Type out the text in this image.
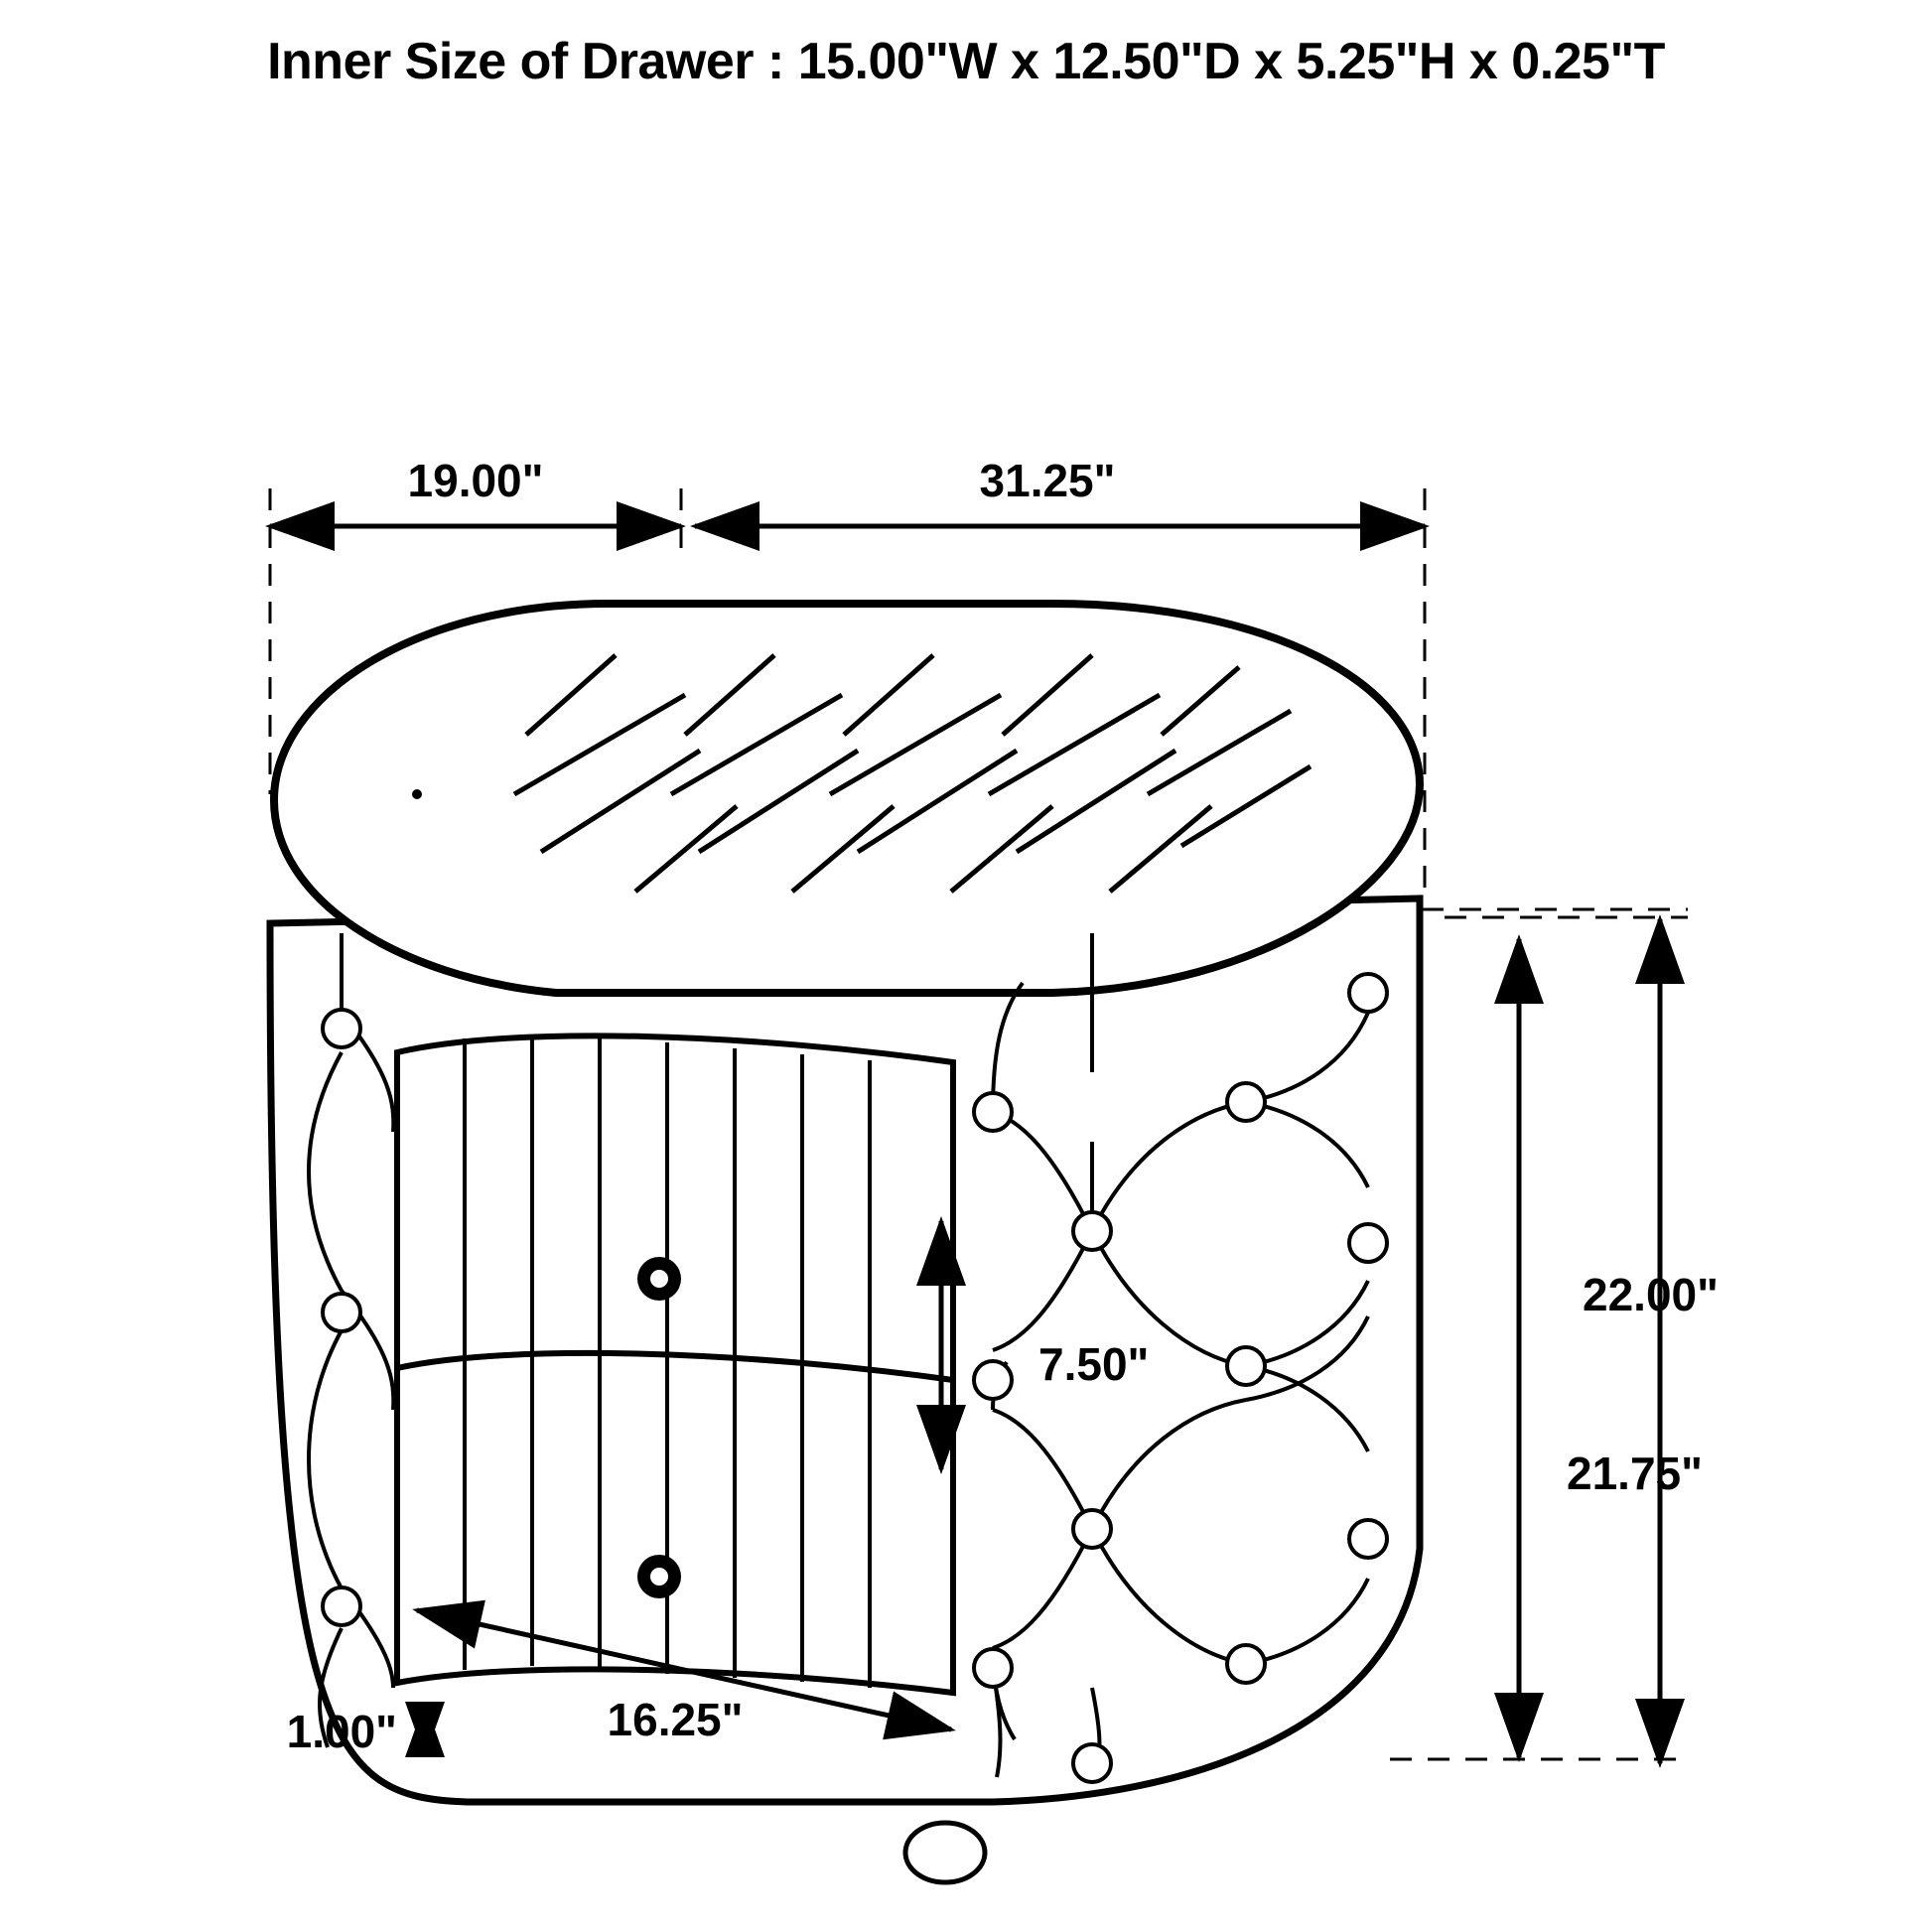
Inner Size of Drawer : 15.00"W x 12.50"D x 5.25"H x 0.25"T
19.00"	31.25"
7.50"
16.25"
1.00"
21.75"
22.00"
